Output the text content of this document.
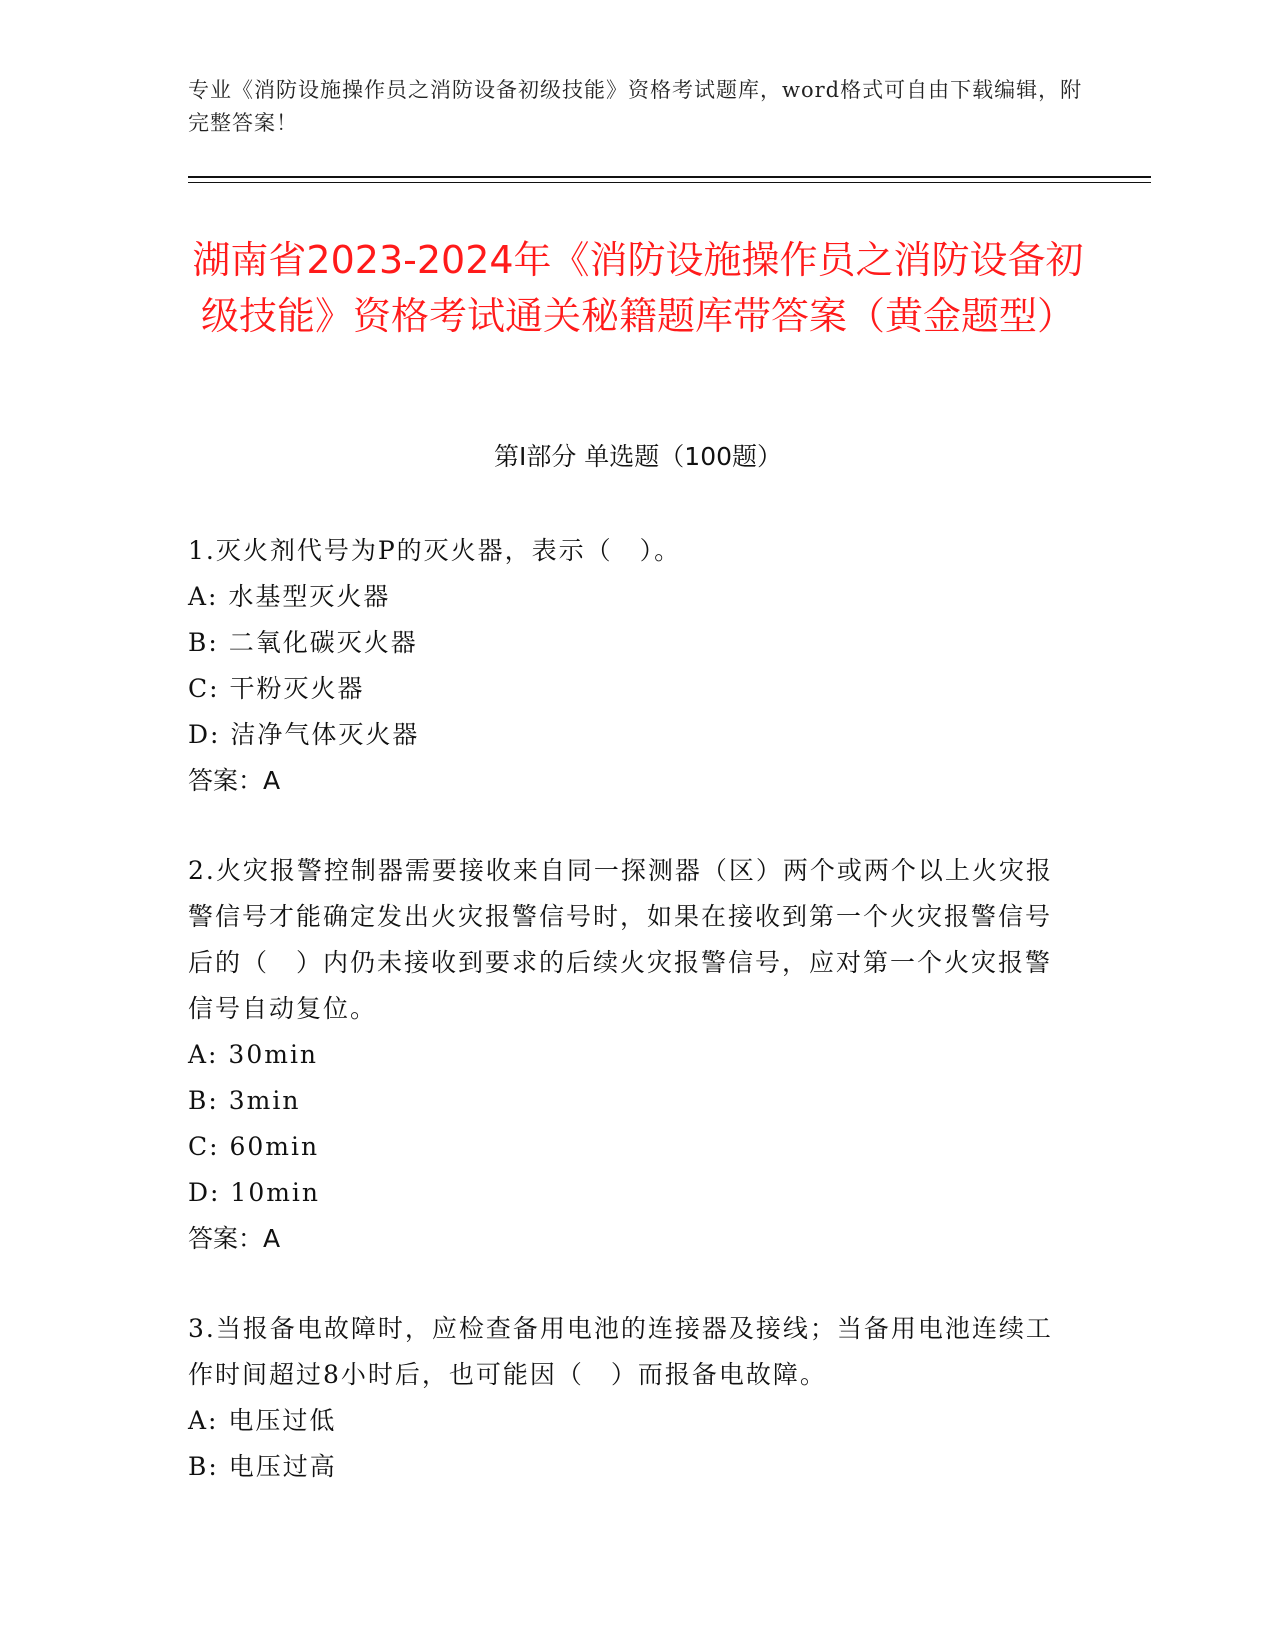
专业《消防设施操作员之消防设备初级技能》资格考试题库，word格式可自由下载编辑，附完整答案！
湖南省2023-2024年《消防设施操作员之消防设备初级技能》资格考试通关秘籍题库带答案（黄金题型）
第I部分 单选题（100题）

1.灭火剂代号为P的灭火器，表示（　）。

A: 水基型灭火器

B: 二氧化碳灭火器

C: 干粉灭火器

D: 洁净气体灭火器

答案：A

2.火灾报警控制器需要接收来自同一探测器（区）两个或两个以上火灾报警信号才能确定发出火灾报警信号时，如果在接收到第一个火灾报警信号后的（　）内仍未接收到要求的后续火灾报警信号，应对第一个火灾报警信号自动复位。

A: 30min

B: 3min

C: 60min

D: 10min

答案：A

3.当报备电故障时，应检查备用电池的连接器及接线；当备用电池连续工作时间超过8小时后，也可能因（　）而报备电故障。

A: 电压过低

B: 电压过高
